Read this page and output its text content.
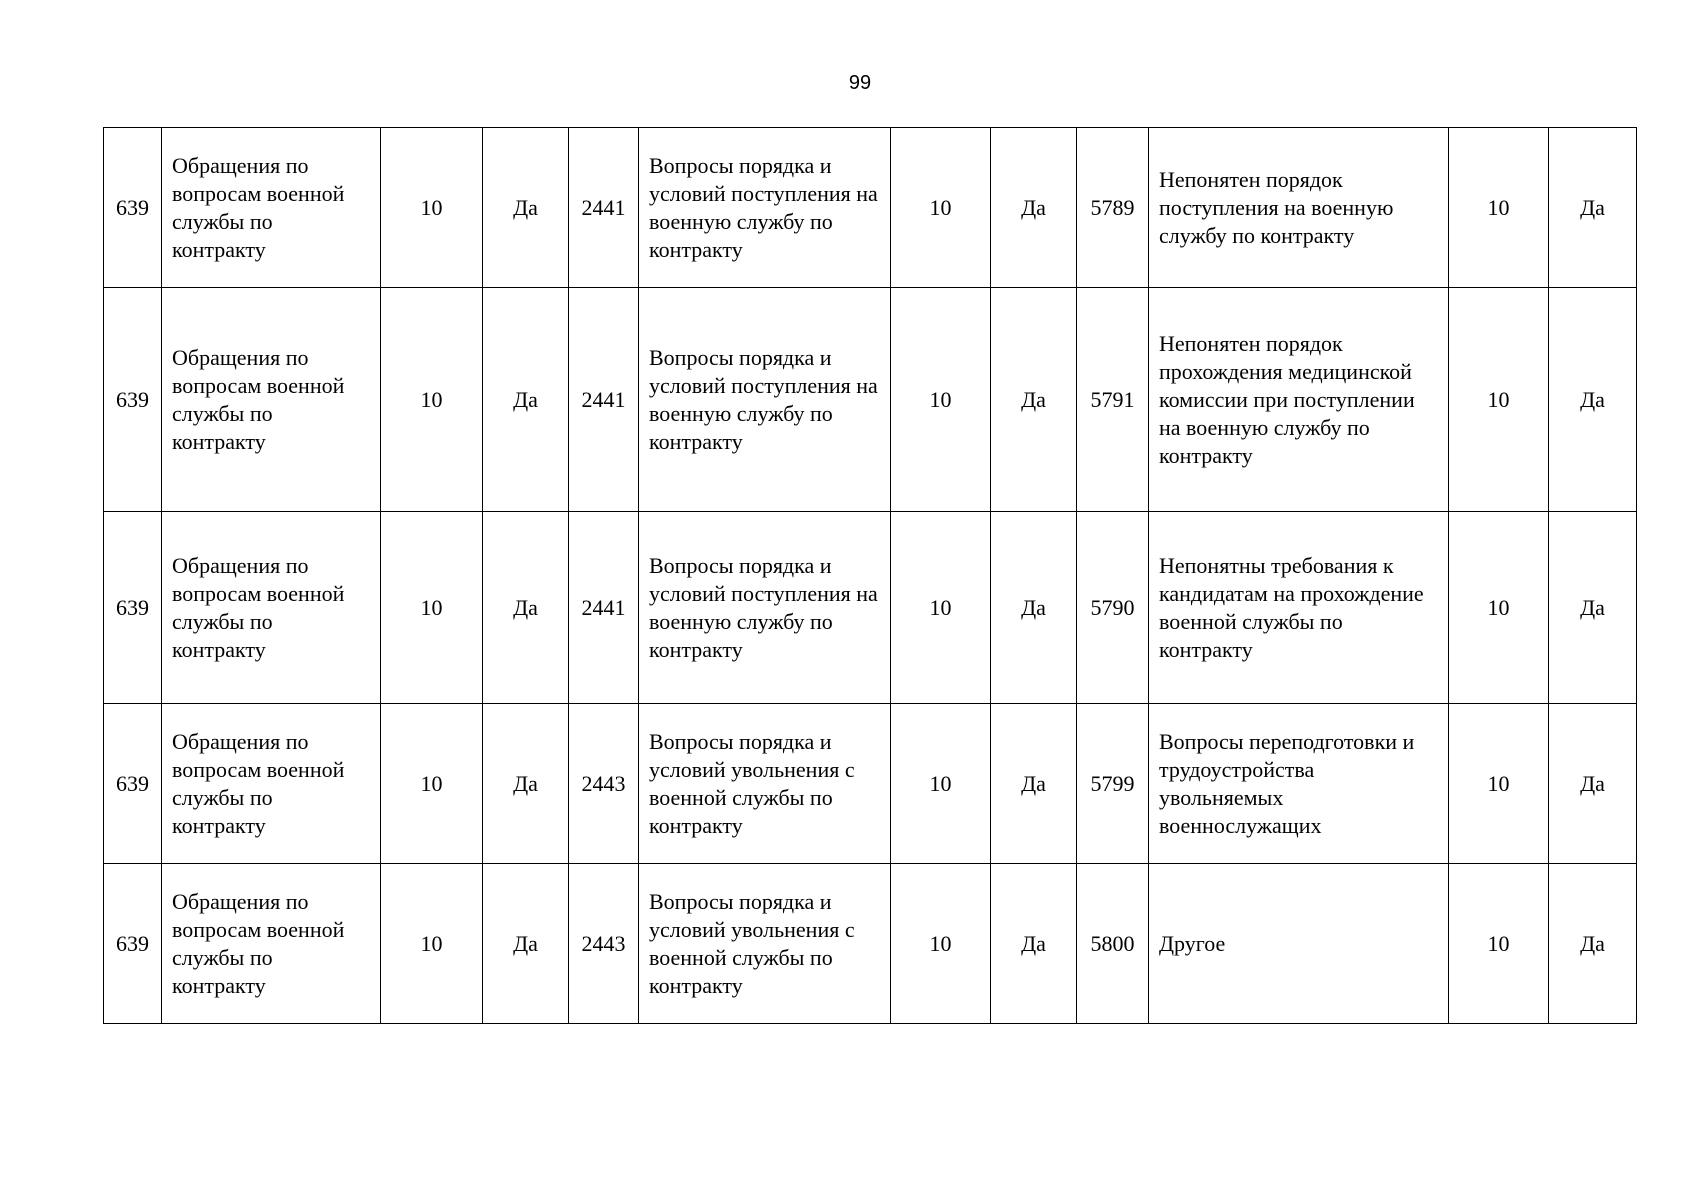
99
639	Обращения по вопросам военной службы по контракту	10	Да	2441	Вопросы порядка и условий поступления на военную службу по контракту	10	Да	5789	Непонятен порядок поступления на военную службу по контракту	10	Да
639	Обращения по вопросам военной службы по контракту	10	Да	2441	Вопросы порядка и условий поступления на военную службу по контракту	10	Да	5791	Непонятен порядок прохождения медицинской комиссии при поступлении на военную службу по контракту	10	Да
639	Обращения по вопросам военной службы по контракту	10	Да	2441	Вопросы порядка и условий поступления на военную службу по контракту	10	Да	5790	Непонятны требования к кандидатам на прохождение военной службы по контракту	10	Да
639	Обращения по вопросам военной службы по контракту	10	Да	2443	Вопросы порядка и условий увольнения с военной службы по контракту	10	Да	5799	Вопросы переподготовки и трудоустройства увольняемых военнослужащих	10	Да
639	Обращения по вопросам военной службы по контракту	10	Да	2443	Вопросы порядка и условий увольнения с военной службы по контракту	10	Да	5800	Другое	10	Да
